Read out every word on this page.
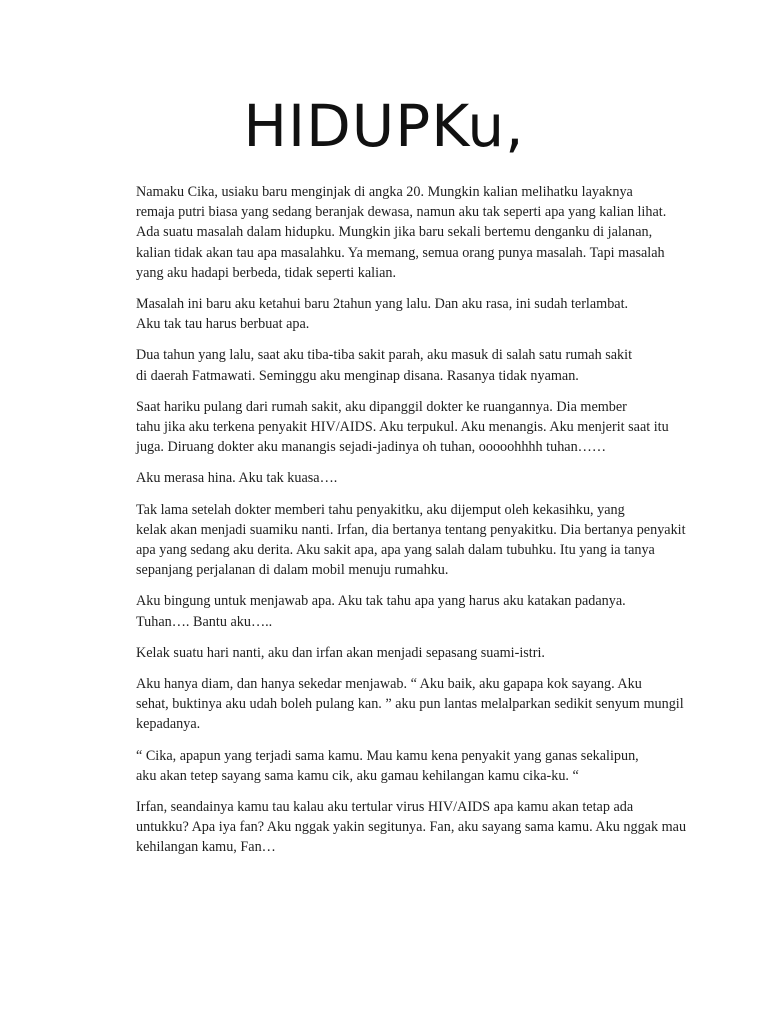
HIDUPKu,

Namaku Cika, usiaku baru menginjak di angka 20. Mungkin kalian melihatku layaknya
remaja putri biasa yang sedang beranjak dewasa, namun aku tak seperti apa yang kalian lihat.
Ada suatu masalah dalam hidupku. Mungkin jika baru sekali bertemu denganku di jalanan,
kalian tidak akan tau apa masalahku. Ya memang, semua orang punya masalah. Tapi masalah
yang aku hadapi berbeda, tidak seperti kalian.

Masalah ini baru aku ketahui baru 2tahun yang lalu. Dan aku rasa, ini sudah terlambat.
Aku tak tau harus berbuat apa.

Dua tahun yang lalu, saat aku tiba-tiba sakit parah, aku masuk di salah satu rumah sakit
di daerah Fatmawati. Seminggu aku menginap disana. Rasanya tidak nyaman.

Saat hariku pulang dari rumah sakit, aku dipanggil dokter ke ruangannya. Dia member
tahu jika aku terkena penyakit HIV/AIDS. Aku terpukul. Aku menangis. Aku menjerit saat itu
juga. Diruang dokter aku manangis sejadi-jadinya oh tuhan, ooooohhhh tuhan……

Aku merasa hina. Aku tak kuasa….

Tak lama setelah dokter memberi tahu penyakitku, aku dijemput oleh kekasihku, yang
kelak akan menjadi suamiku nanti. Irfan, dia bertanya tentang penyakitku. Dia bertanya penyakit
apa yang sedang aku derita. Aku sakit apa, apa yang salah dalam tubuhku. Itu yang ia tanya
sepanjang perjalanan di dalam mobil menuju rumahku.

Aku bingung untuk menjawab apa. Aku tak tahu apa yang harus aku katakan padanya.
Tuhan…. Bantu aku…..

Kelak suatu hari nanti, aku dan irfan akan menjadi sepasang suami-istri.

Aku hanya diam, dan hanya sekedar menjawab. “ Aku baik, aku gapapa kok sayang. Aku
sehat, buktinya aku udah boleh pulang kan. ” aku pun lantas melalparkan sedikit senyum mungil
kepadanya.

“ Cika, apapun yang terjadi sama kamu. Mau kamu kena penyakit yang ganas sekalipun,
aku akan tetep sayang sama kamu cik, aku gamau kehilangan kamu cika-ku. “

Irfan, seandainya kamu tau kalau aku tertular virus HIV/AIDS apa kamu akan tetap ada
untukku? Apa iya fan? Aku nggak yakin segitunya. Fan, aku sayang sama kamu. Aku nggak mau
kehilangan kamu, Fan…
